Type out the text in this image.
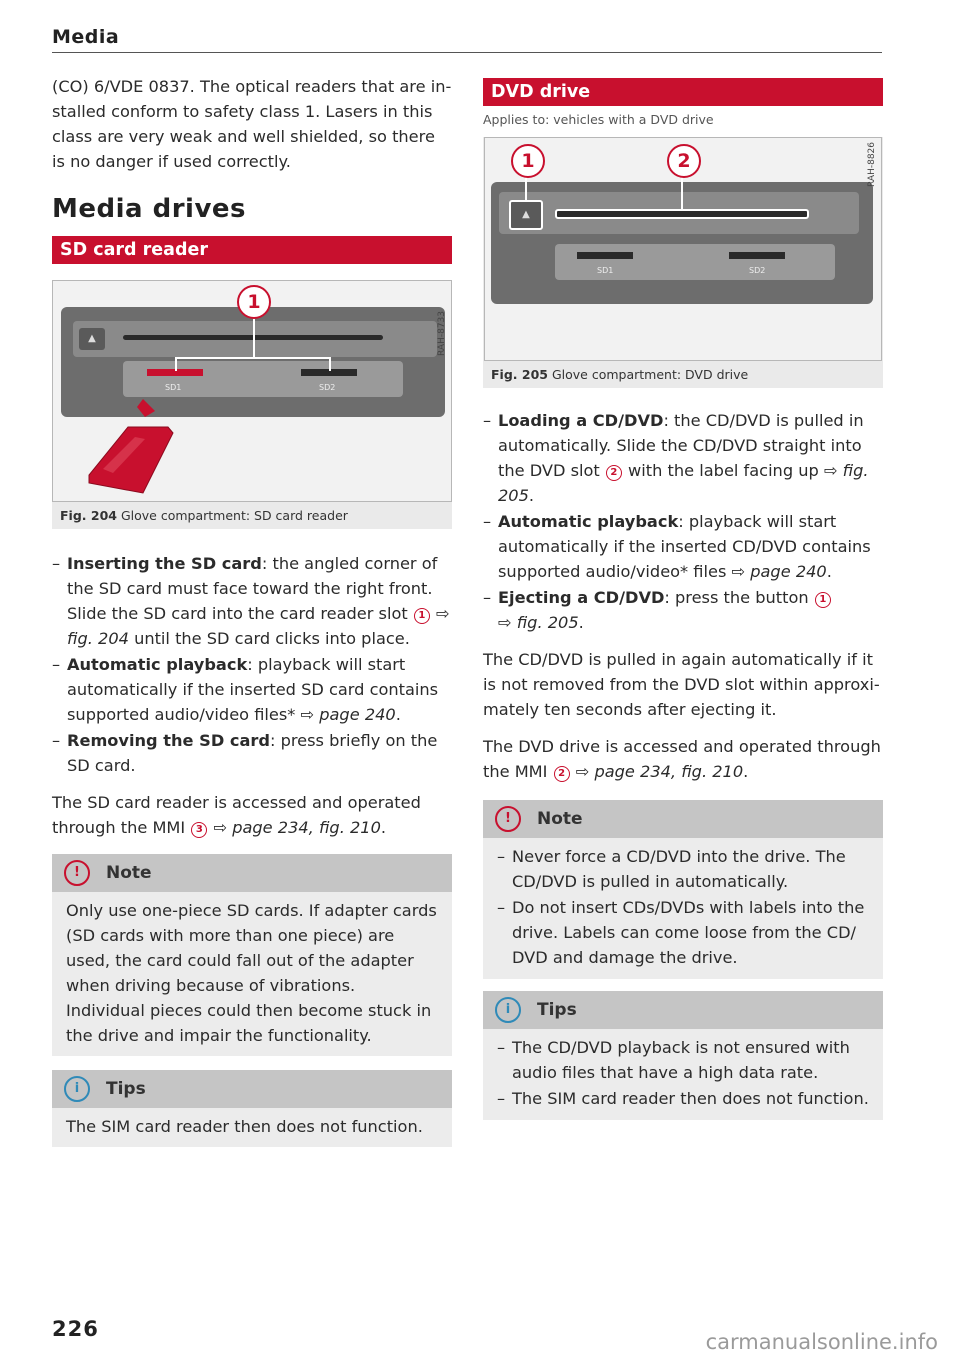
Media

(CO) 6/VDE 0837. The optical readers that are installed conform to safety class 1. Lasers in this class are very weak and well shielded, so there is no danger if used correctly.

Media drives
SD card reader
▲
SD1	SD2
1
RAH-8733
Fig. 204 Glove compartment: SD card reader
– Inserting the SD card: the angled corner of the SD card must face toward the right front. Slide the SD card into the card reader slot 1 ⇨ fig. 204 until the SD card clicks into place.
– Automatic playback: playback will start automatically if the inserted SD card contains supported audio/video files* ⇨ page 240.
– Removing the SD card: press briefly on the SD card.

The SD card reader is accessed and operated through the MMI 3 ⇨ page 234, fig. 210.

!	Note
Only use one-piece SD cards. If adapter cards (SD cards with more than one piece) are used, the card could fall out of the adapter when driving because of vibrations. Individual pieces could then become stuck in the drive and impair the functionality.
i	Tips
The SIM card reader then does not function.
DVD drive
Applies to: vehicles with a DVD drive
▲
SD1	SD2
1	2	RAH-8826
Fig. 205 Glove compartment: DVD drive
– Loading a CD/DVD: the CD/DVD is pulled in automatically. Slide the CD/DVD straight into the DVD slot 2 with the label facing up ⇨ fig. 205.
– Automatic playback: playback will start automatically if the inserted CD/DVD contains supported audio/video* files ⇨ page 240.
– Ejecting a CD/DVD: press the button 1
⇨ fig. 205.

The CD/DVD is pulled in again automatically if it is not removed from the DVD slot within approximately ten seconds after ejecting it.

The DVD drive is accessed and operated through the MMI 2 ⇨ page 234, fig. 210.

!	Note
– Never force a CD/DVD into the drive. The CD/DVD is pulled in automatically.
– Do not insert CDs/DVDs with labels into the drive. Labels can come loose from the CD/ DVD and damage the drive.
i	Tips
– The CD/DVD playback is not ensured with audio files that have a high data rate.
– The SIM card reader then does not function.
226
carmanualsonline.info
